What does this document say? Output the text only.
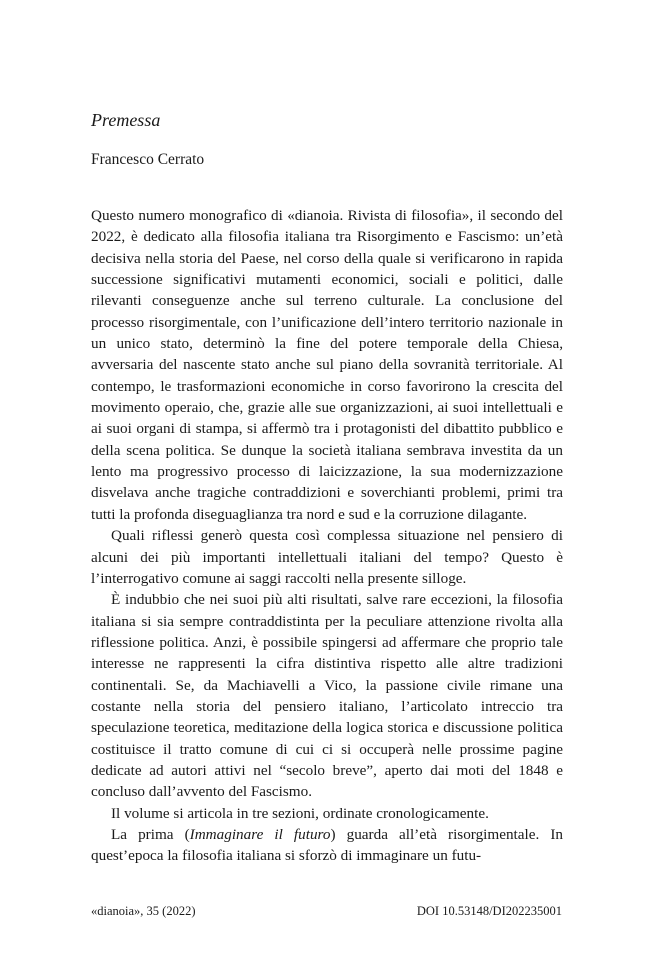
Premessa
Francesco Cerrato

Questo numero monografico di «dianoia. Rivista di filosofia», il secondo del 2022, è dedicato alla filosofia italiana tra Risorgimento e Fascismo: un’età decisiva nella storia del Paese, nel corso della quale si verificarono in rapida successione significativi mutamenti economici, sociali e politici, dalle rilevanti conseguenze anche sul terreno culturale. La conclusione del processo risorgimentale, con l’unificazione dell’intero territorio nazionale in un unico stato, determinò la fine del potere temporale della Chiesa, avversaria del nascente stato anche sul piano della sovranità territoriale. Al contempo, le trasformazioni economiche in corso favorirono la crescita del movimento operaio, che, grazie alle sue organizzazioni, ai suoi intellettuali e ai suoi organi di stampa, si affermò tra i protagonisti del dibattito pubblico e della scena politica. Se dunque la società italiana sembrava investita da un lento ma progressivo processo di laicizzazione, la sua modernizzazione disvelava anche tragiche contraddizioni e soverchianti problemi, primi tra tutti la profonda diseguaglianza tra nord e sud e la corruzione dilagante.

Quali riflessi generò questa così complessa situazione nel pensiero di alcuni dei più importanti intellettuali italiani del tempo? Questo è l’interrogativo comune ai saggi raccolti nella presente silloge.

È indubbio che nei suoi più alti risultati, salve rare eccezioni, la filosofia italiana si sia sempre contraddistinta per la peculiare attenzione rivolta alla riflessione politica. Anzi, è possibile spingersi ad affermare che proprio tale interesse ne rappresenti la cifra distintiva rispetto alle altre tradizioni continentali. Se, da Machiavelli a Vico, la passione civile rimane una costante nella storia del pensiero italiano, l’articolato intreccio tra speculazione teoretica, meditazione della logica storica e discussione politica costituisce il tratto comune di cui ci si occuperà nelle prossime pagine dedicate ad autori attivi nel “secolo breve”, aperto dai moti del 1848 e concluso dall’avvento del Fascismo.

Il volume si articola in tre sezioni, ordinate cronologicamente.

La prima (Immaginare il futuro) guarda all’età risorgimentale. In quest’epoca la filosofia italiana si sforzò di immaginare un futu-

«dianoia», 35 (2022)	DOI 10.53148/DI202235001
